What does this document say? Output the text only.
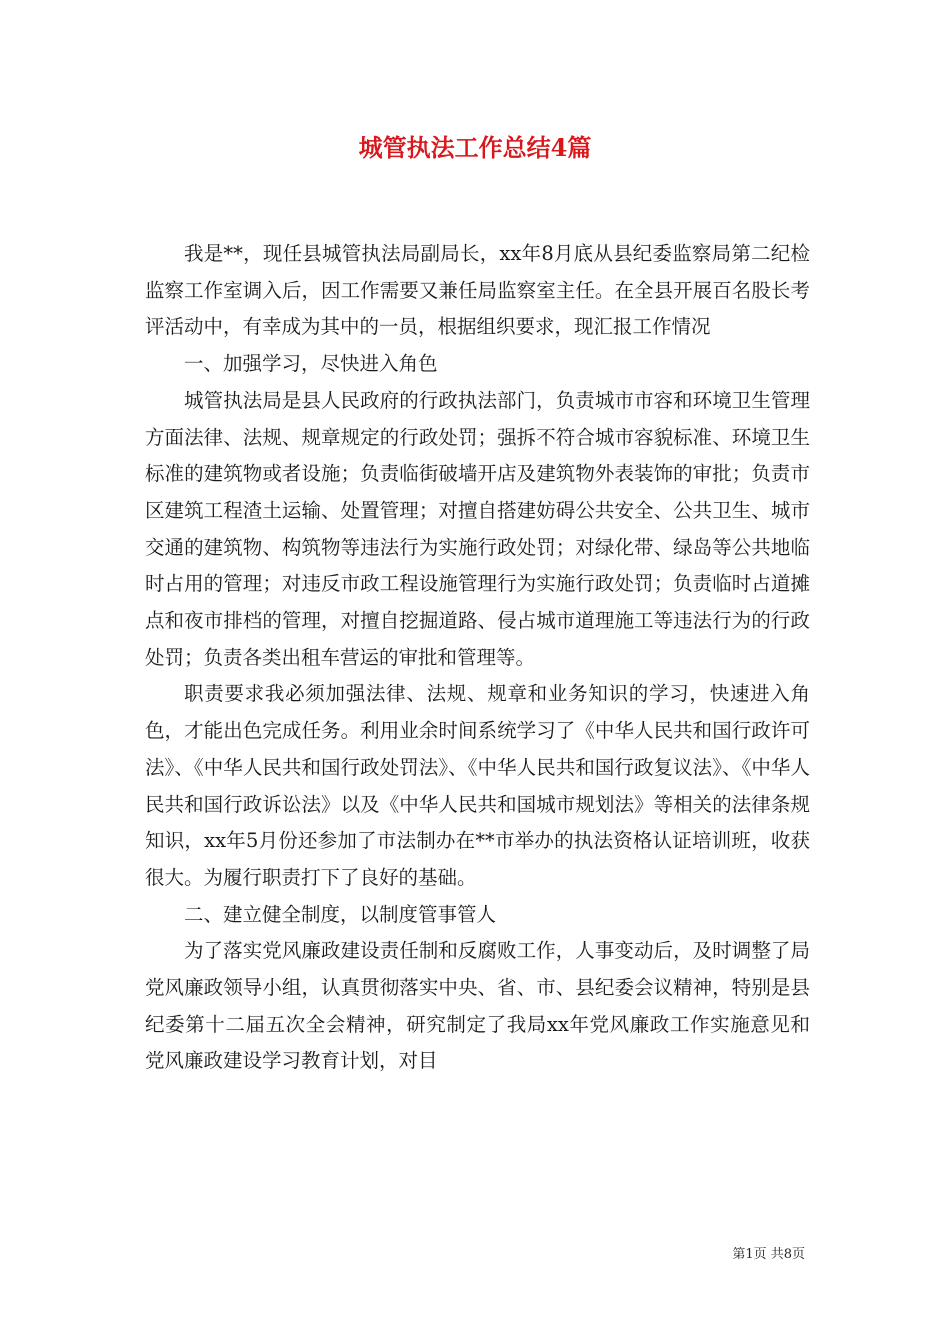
城管执法工作总结4篇

我是**，现任县城管执法局副局长，xx年8月底从县纪委监察局第二纪检监察工作室调入后，因工作需要又兼任局监察室主任。在全县开展百名股长考评活动中，有幸成为其中的一员，根据组织要求，现汇报工作情况

一、加强学习，尽快进入角色

城管执法局是县人民政府的行政执法部门，负责城市市容和环境卫生管理方面法律、法规、规章规定的行政处罚；强拆不符合城市容貌标准、环境卫生标准的建筑物或者设施；负责临街破墙开店及建筑物外表装饰的审批；负责市区建筑工程渣土运输、处置管理；对擅自搭建妨碍公共安全、公共卫生、城市交通的建筑物、构筑物等违法行为实施行政处罚；对绿化带、绿岛等公共地临时占用的管理；对违反市政工程设施管理行为实施行政处罚；负责临时占道摊点和夜市排档的管理，对擅自挖掘道路、侵占城市道理施工等违法行为的行政处罚；负责各类出租车营运的审批和管理等。

职责要求我必须加强法律、法规、规章和业务知识的学习，快速进入角色，才能出色完成任务。利用业余时间系统学习了《中华人民共和国行政许可法》、《中华人民共和国行政处罚法》、《中华人民共和国行政复议法》、《中华人民共和国行政诉讼法》以及《中华人民共和国城市规划法》等相关的法律条规知识，xx年5月份还参加了市法制办在**市举办的执法资格认证培训班，收获很大。为履行职责打下了良好的基础。

二、建立健全制度，以制度管事管人

为了落实党风廉政建设责任制和反腐败工作，人事变动后，及时调整了局党风廉政领导小组，认真贯彻落实中央、省、市、县纪委会议精神，特别是县纪委第十二届五次全会精神，研究制定了我局xx年党风廉政工作实施意见和党风廉政建设学习教育计划，对目

第1页 共8页
